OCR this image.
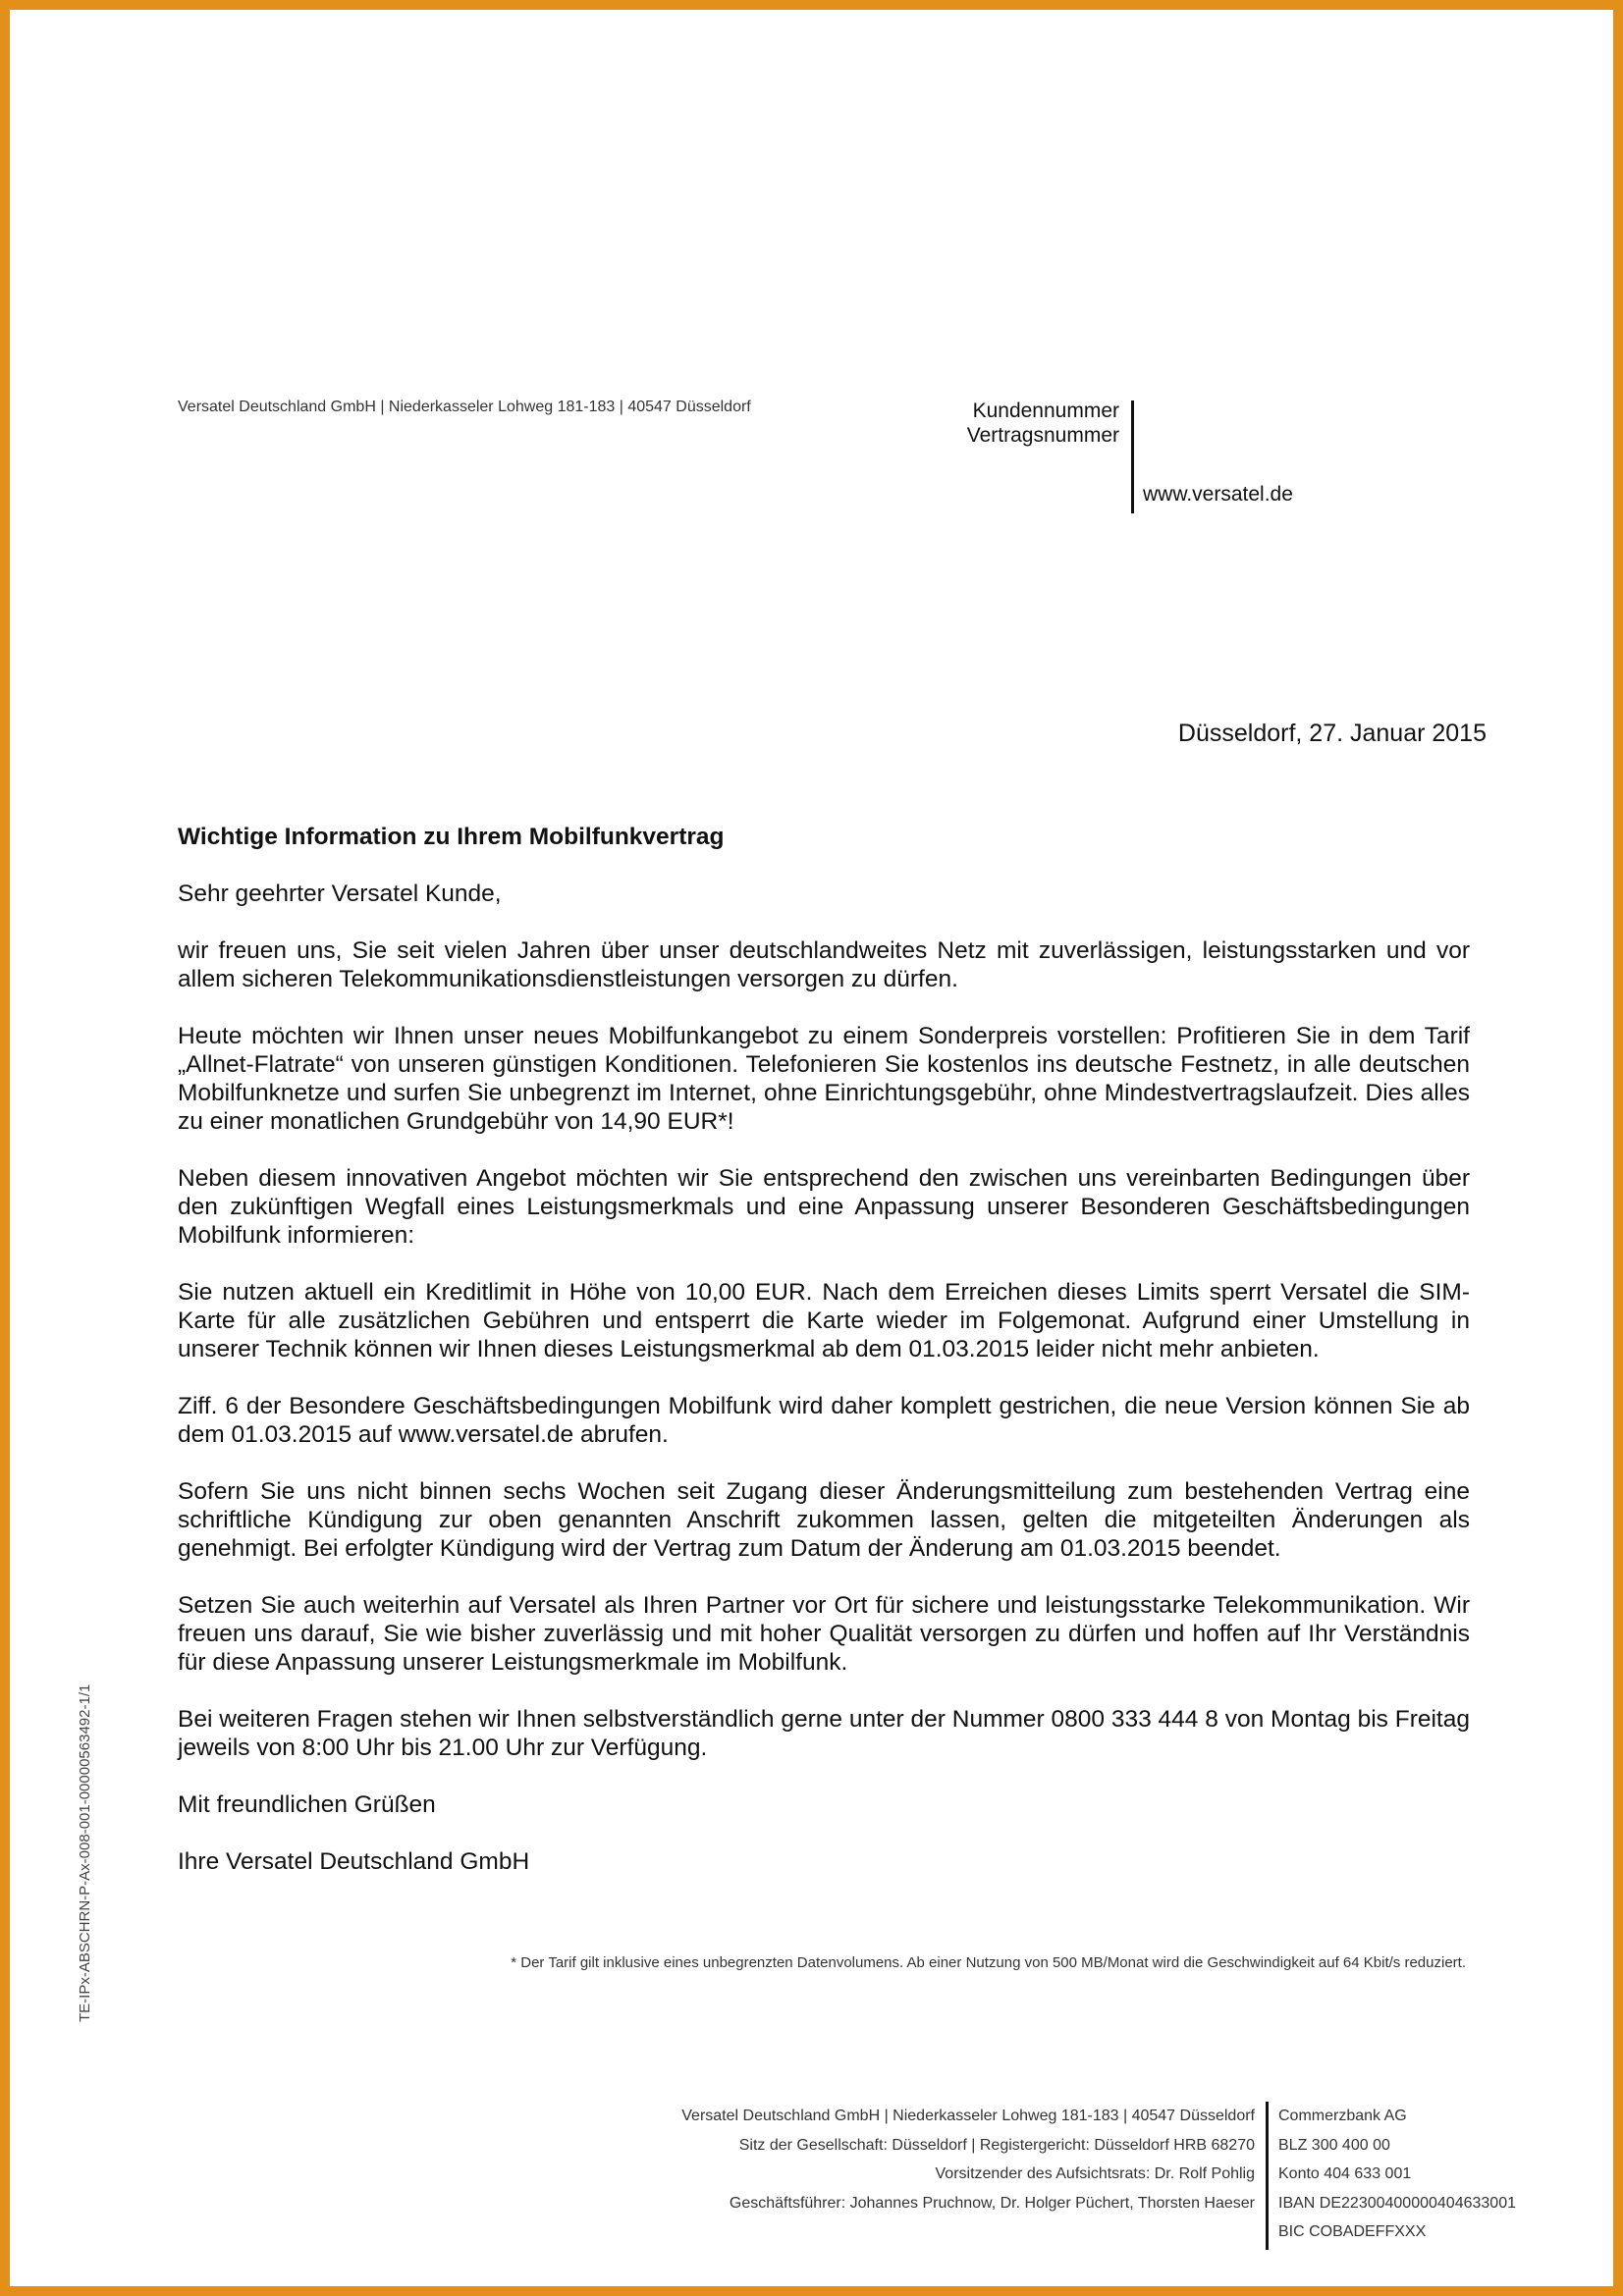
Versatel Deutschland GmbH | Niederkasseler Lohweg 181-183 | 40547 Düsseldorf	Kundennummer
Vertragsnummer
www.versatel.de
Düsseldorf, 27. Januar 2015
Wichtige Information zu Ihrem Mobilfunkvertrag

Sehr geehrter Versatel Kunde,

wir freuen uns, Sie seit vielen Jahren über unser deutschlandweites Netz mit zuverlässigen, leistungsstarken und vor allem sicheren Telekommunikationsdienstleistungen versorgen zu dürfen.

Heute möchten wir Ihnen unser neues Mobilfunkangebot zu einem Sonderpreis vorstellen: Profitieren Sie in dem Tarif „Allnet-Flatrate“ von unseren günstigen Konditionen. Telefonieren Sie kostenlos ins deutsche Festnetz, in alle deutschen Mobilfunknetze und surfen Sie unbegrenzt im Internet, ohne Einrichtungsgebühr, ohne Mindestvertragslaufzeit. Dies alles zu einer monatlichen Grundgebühr von 14,90 EUR*!

Neben diesem innovativen Angebot möchten wir Sie entsprechend den zwischen uns vereinbarten Bedingungen über den zukünftigen Wegfall eines Leistungsmerkmals und eine Anpassung unserer Besonderen Geschäftsbedingungen Mobilfunk informieren:

Sie nutzen aktuell ein Kreditlimit in Höhe von 10,00 EUR. Nach dem Erreichen dieses Limits sperrt Versatel die SIM-Karte für alle zusätzlichen Gebühren und entsperrt die Karte wieder im Folgemonat. Aufgrund einer Umstellung in unserer Technik können wir Ihnen dieses Leistungsmerkmal ab dem 01.03.2015 leider nicht mehr anbieten.

Ziff. 6 der Besondere Geschäftsbedingungen Mobilfunk wird daher komplett gestrichen, die neue Version können Sie ab dem 01.03.2015 auf www.versatel.de abrufen.

Sofern Sie uns nicht binnen sechs Wochen seit Zugang dieser Änderungsmitteilung zum bestehenden Vertrag eine schriftliche Kündigung zur oben genannten Anschrift zukommen lassen, gelten die mitgeteilten Änderungen als genehmigt. Bei erfolgter Kündigung wird der Vertrag zum Datum der Änderung am 01.03.2015 beendet.

Setzen Sie auch weiterhin auf Versatel als Ihren Partner vor Ort für sichere und leistungsstarke Telekommunikation. Wir freuen uns darauf, Sie wie bisher zuverlässig und mit hoher Qualität versorgen zu dürfen und hoffen auf Ihr Verständnis für diese Anpassung unserer Leistungsmerkmale im Mobilfunk.

Bei weiteren Fragen stehen wir Ihnen selbstverständlich gerne unter der Nummer 0800 333 444 8 von Montag bis Freitag jeweils von 8:00 Uhr bis 21.00 Uhr zur Verfügung.

Mit freundlichen Grüßen

Ihre Versatel Deutschland GmbH

* Der Tarif gilt inklusive eines unbegrenzten Datenvolumens. Ab einer Nutzung von 500 MB/Monat wird die Geschwindigkeit auf 64 Kbit/s reduziert.
TE-IPx-ABSCHRN-P-Ax-008-001-00000563492-1/1
Versatel Deutschland GmbH | Niederkasseler Lohweg 181-183 | 40547 Düsseldorf
Sitz der Gesellschaft: Düsseldorf | Registergericht: Düsseldorf HRB 68270
Vorsitzender des Aufsichtsrats: Dr. Rolf Pohlig
Geschäftsführer: Johannes Pruchnow, Dr. Holger Püchert, Thorsten Haeser
Commerzbank AG
BLZ 300 400 00
Konto 404 633 001
IBAN DE22300400000404633001
BIC COBADEFFXXX
